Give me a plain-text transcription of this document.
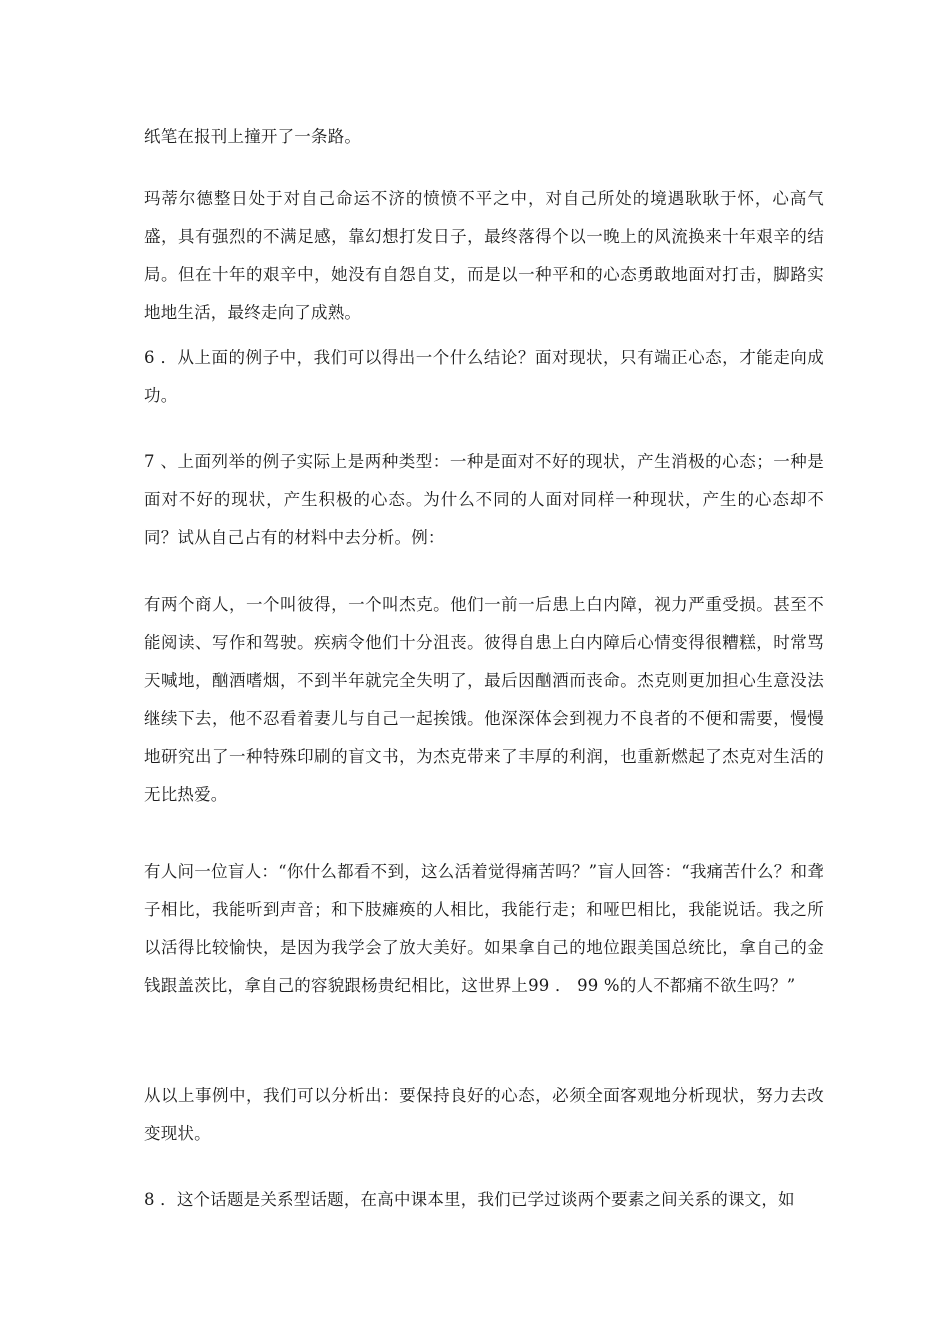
纸笔在报刊上撞开了一条路。

玛蒂尔德整日处于对自己命运不济的愤愤不平之中，对自己所处的境遇耿耿于怀，心高气盛，具有强烈的不满足感，靠幻想打发日子，最终落得个以一晚上的风流换来十年艰辛的结局。但在十年的艰辛中，她没有自怨自艾，而是以一种平和的心态勇敢地面对打击，脚路实地地生活，最终走向了成熟。

6 ．从上面的例子中，我们可以得出一个什么结论？面对现状，只有端正心态，才能走向成功。

7 、上面列举的例子实际上是两种类型：一种是面对不好的现状，产生消极的心态；一种是面对不好的现状，产生积极的心态。为什么不同的人面对同样一种现状，产生的心态却不同？试从自己占有的材料中去分析。例：

有两个商人，一个叫彼得，一个叫杰克。他们一前一后患上白内障，视力严重受损。甚至不能阅读、写作和驾驶。疾病令他们十分沮丧。彼得自患上白内障后心情变得很糟糕，时常骂天喊地，酗酒嗜烟，不到半年就完全失明了，最后因酗酒而丧命。杰克则更加担心生意没法继续下去，他不忍看着妻儿与自己一起挨饿。他深深体会到视力不良者的不便和需要，慢慢地研究出了一种特殊印刷的盲文书，为杰克带来了丰厚的利润，也重新燃起了杰克对生活的无比热爱。

有人问一位盲人：“你什么都看不到，这么活着觉得痛苦吗？”盲人回答：“我痛苦什么？和聋子相比，我能听到声音；和下肢瘫痪的人相比，我能行走；和哑巴相比，我能说话。我之所以活得比较愉快，是因为我学会了放大美好。如果拿自己的地位跟美国总统比，拿自己的金钱跟盖茨比，拿自己的容貌跟杨贵纪相比，这世界上99 ． 99 %的人不都痛不欲生吗？”

从以上事例中，我们可以分析出：要保持良好的心态，必须全面客观地分析现状，努力去改变现状。

8 ．这个话题是关系型话题，在高中课本里，我们已学过谈两个要素之间关系的课文，如
